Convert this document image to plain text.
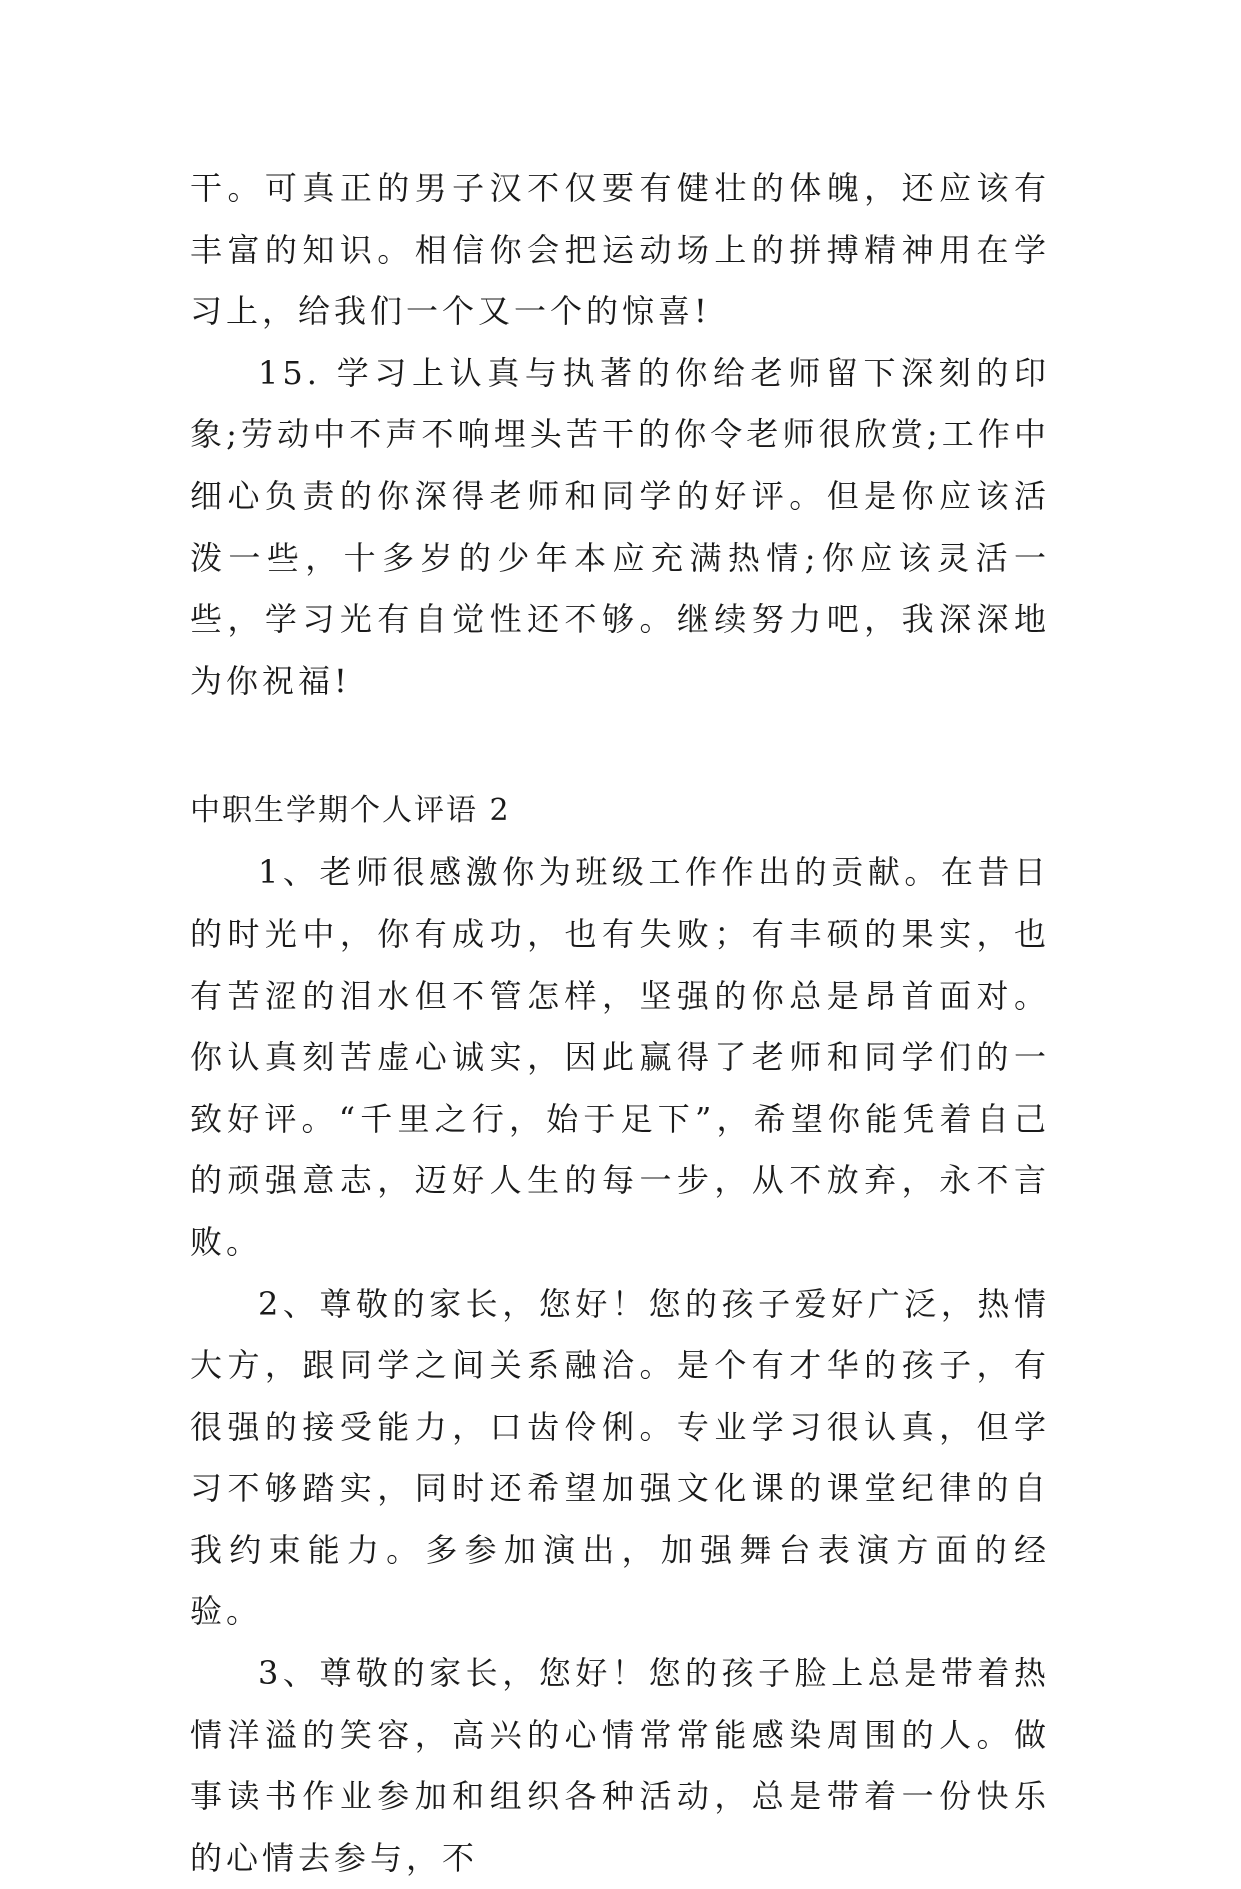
干。可真正的男子汉不仅要有健壮的体魄，还应该有丰富的知识。相信你会把运动场上的拼搏精神用在学习上，给我们一个又一个的惊喜!

15. 学习上认真与执著的你给老师留下深刻的印象;劳动中不声不响埋头苦干的你令老师很欣赏;工作中细心负责的你深得老师和同学的好评。但是你应该活泼一些，十多岁的少年本应充满热情;你应该灵活一些，学习光有自觉性还不够。继续努力吧，我深深地为你祝福!

中职生学期个人评语 2

1、老师很感激你为班级工作作出的贡献。在昔日的时光中，你有成功，也有失败；有丰硕的果实，也有苦涩的泪水但不管怎样，坚强的你总是昂首面对。你认真刻苦虚心诚实，因此赢得了老师和同学们的一致好评。“千里之行，始于足下”，希望你能凭着自己的顽强意志，迈好人生的每一步，从不放弃，永不言败。

2、尊敬的家长，您好！您的孩子爱好广泛，热情大方，跟同学之间关系融洽。是个有才华的孩子，有很强的接受能力，口齿伶俐。专业学习很认真，但学习不够踏实，同时还希望加强文化课的课堂纪律的自我约束能力。多参加演出，加强舞台表演方面的经验。

3、尊敬的家长，您好！您的孩子脸上总是带着热情洋溢的笑容，高兴的心情常常能感染周围的人。做事读书作业参加和组织各种活动，总是带着一份快乐的心情去参与，不
